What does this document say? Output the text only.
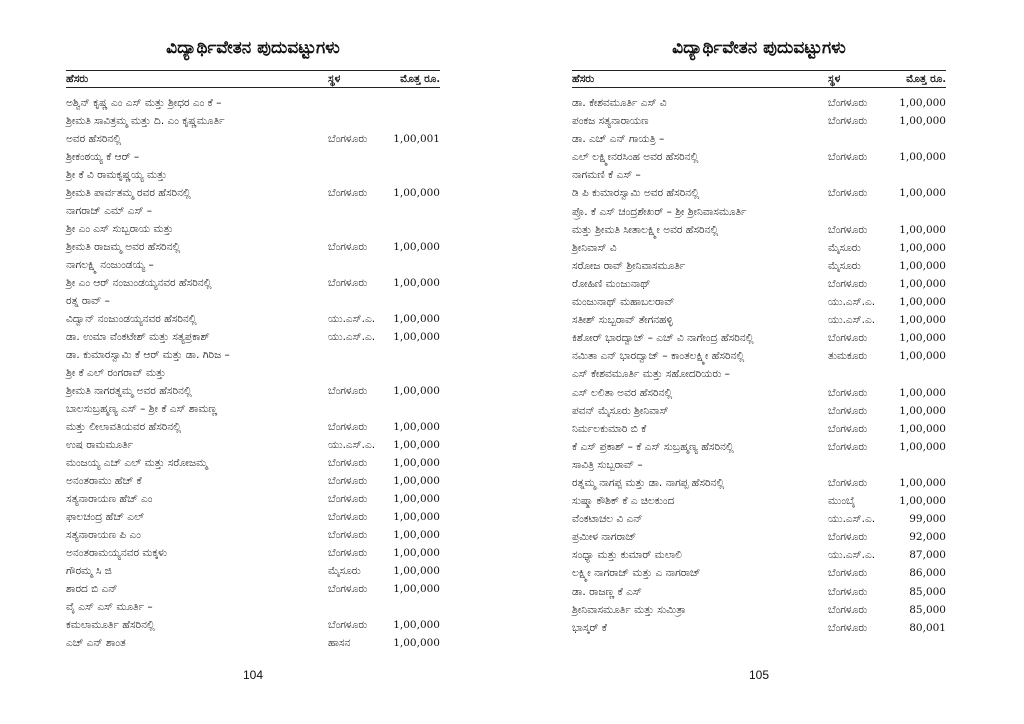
ವಿದ್ಯಾರ್ಥಿವೇತನ ಪುದುವಟ್ಟುಗಳು
ಹೆಸರು	ಸ್ಥಳ	ಮೊತ್ತ ರೂ.
ಅಶ್ವಿನ್ ಕೃಷ್ಣ ಎಂ ಎಸ್ ಮತ್ತು ಶ್ರೀಧರ ಎಂ ಕೆ –
ಶ್ರೀಮತಿ ಸಾವಿತ್ರಮ್ಮ ಮತ್ತು ದಿ. ಎಂ ಕೃಷ್ಣಮೂರ್ತಿ
ಅವರ ಹೆಸರಿನಲ್ಲಿ	ಬೆಂಗಳೂರು 1,00,001
ಶ್ರೀಕಂಠಯ್ಯ ಕೆ ಆರ್ –
ಶ್ರೀ ಕೆ ವಿ ರಾಮಕೃಷ್ಣಯ್ಯ ಮತ್ತು
ಶ್ರೀಮತಿ ಪಾರ್ವತಮ್ಮ ರವರ ಹೆಸರಿನಲ್ಲಿ	ಬೆಂಗಳೂರು 1,00,000
ನಾಗರಾಜ್ ಎಮ್ ಎಸ್ –
ಶ್ರೀ ಎಂ ಎಸ್ ಸುಬ್ಬರಾಯ ಮತ್ತು
ಶ್ರೀಮತಿ ರಾಜಮ್ಮ ಅವರ ಹೆಸರಿನಲ್ಲಿ	ಬೆಂಗಳೂರು 1,00,000
ನಾಗಲಕ್ಷ್ಮಿ ನಂಜುಂಡಯ್ಯ –
ಶ್ರೀ ಎಂ ಆರ್ ನಂಜುಂಡಯ್ಯನವರ ಹೆಸರಿನಲ್ಲಿ	ಬೆಂಗಳೂರು 1,00,000
ರತ್ನ ರಾವ್ –
ವಿದ್ವಾನ್ ನಂಜುಂಡಯ್ಯನವರ ಹೆಸರಿನಲ್ಲಿ	ಯು.ಎಸ್.ಎ. 1,00,000
ಡಾ. ಉಮಾ ವೆಂಕಟೇಶ್ ಮತ್ತು ಸತ್ಯಪ್ರಕಾಶ್	ಯು.ಎಸ್.ಎ. 1,00,000
ಡಾ. ಕುಮಾರಸ್ವಾಮಿ ಕೆ ಆರ್ ಮತ್ತು ಡಾ. ಗಿರಿಜ –
ಶ್ರೀ ಕೆ ಎಲ್ ರಂಗರಾವ್ ಮತ್ತು
ಶ್ರೀಮತಿ ನಾಗರತ್ನಮ್ಮ ಅವರ ಹೆಸರಿನಲ್ಲಿ	ಬೆಂಗಳೂರು 1,00,000
ಬಾಲಸುಬ್ರಹ್ಮಣ್ಯ ಎಸ್ – ಶ್ರೀ ಕೆ ಎಸ್ ಶಾಮಣ್ಣ
ಮತ್ತು ಲೀಲಾವತಿಯವರ ಹೆಸರಿನಲ್ಲಿ	ಬೆಂಗಳೂರು 1,00,000
ಉಷ ರಾಮಮೂರ್ತಿ	ಯು.ಎಸ್.ಎ. 1,00,000
ಮಂಜಯ್ಯ ಎಚ್ ಎಲ್ ಮತ್ತು ಸರೋಜಮ್ಮ	ಬೆಂಗಳೂರು 1,00,000
ಅನಂತರಾಮು ಹೆಚ್ ಕೆ	ಬೆಂಗಳೂರು 1,00,000
ಸತ್ಯನಾರಾಯಣ ಹೆಚ್ ಎಂ	ಬೆಂಗಳೂರು 1,00,000
ಫಾಲಚಂದ್ರ ಹೆಚ್ ಎಲ್	ಬೆಂಗಳೂರು 1,00,000
ಸತ್ಯನಾರಾಯಣ ಪಿ ಎಂ	ಬೆಂಗಳೂರು 1,00,000
ಅನಂತರಾಮಯ್ಯನವರ ಮಕ್ಕಳು	ಬೆಂಗಳೂರು 1,00,000
ಗೌರಮ್ಮ ಸಿ ಜಿ	ಮೈಸೂರು	1,00,000
ಶಾರದ ಬಿ ಎನ್	ಬೆಂಗಳೂರು 1,00,000
ವೈ ಎಸ್ ಎಸ್ ಮೂರ್ತಿ –
ಕಮಲಾಮೂರ್ತಿ ಹೆಸರಿನಲ್ಲಿ	ಬೆಂಗಳೂರು 1,00,000
ಎಚ್ ಎನ್ ಶಾಂತ	ಹಾಸನ	1,00,000
104
ವಿದ್ಯಾರ್ಥಿವೇತನ ಪುದುವಟ್ಟುಗಳು
ಹೆಸರು	ಸ್ಥಳ	ಮೊತ್ತ ರೂ.
ಡಾ. ಕೇಶವಮೂರ್ತಿ ಎಸ್ ವಿ	ಬೆಂಗಳೂರು	1,00,000
ಪಂಕಜ ಸತ್ಯನಾರಾಯಣ	ಬೆಂಗಳೂರು	1,00,000
ಡಾ. ಎಚ್ ಎನ್ ಗಾಯತ್ರಿ –
ಎಲ್ ಲಕ್ಷ್ಮೀನರಸಿಂಹ ಅವರ ಹೆಸರಿನಲ್ಲಿ	ಬೆಂಗಳೂರು	1,00,000
ನಾಗಮಣಿ ಕೆ ಎಸ್ –
ಡಿ ಪಿ ಕುಮಾರಸ್ವಾಮಿ ಅವರ ಹೆಸರಿನಲ್ಲಿ	ಬೆಂಗಳೂರು	1,00,000
ಪ್ರೊ. ಕೆ ಎಸ್ ಚಂದ್ರಶೇಖರ್ – ಶ್ರೀ ಶ್ರೀನಿವಾಸಮೂರ್ತಿ
ಮತ್ತು ಶ್ರೀಮತಿ ಸೀತಾಲಕ್ಷ್ಮೀ ಅವರ ಹೆಸರಿನಲ್ಲಿ	ಬೆಂಗಳೂರು	1,00,000
ಶ್ರೀನಿವಾಸ್ ವಿ	ಮೈಸೂರು	1,00,000
ಸರೋಜ ರಾವ್ ಶ್ರೀನಿವಾಸಮೂರ್ತಿ	ಮೈಸೂರು	1,00,000
ರೋಹಿಣಿ ಮಂಜುನಾಥ್	ಬೆಂಗಳೂರು	1,00,000
ಮಂಜುನಾಥ್ ಮಹಾಬಲರಾವ್	ಯು.ಎಸ್.ಎ. 1,00,000
ಸತೀಶ್ ಸುಬ್ಬರಾವ್ ತೇಗನಹಳ್ಳಿ	ಯು.ಎಸ್.ಎ. 1,00,000
ಕಿಶೋರ್ ಭಾರದ್ವಾಜ್ – ಎಚ್ ವಿ ನಾಗೇಂದ್ರ ಹೆಸರಿನಲ್ಲಿ	ಬೆಂಗಳೂರು	1,00,000
ನಮಿತಾ ಎನ್ ಭಾರದ್ವಾಜ್ – ಕಾಂತಲಕ್ಷ್ಮೀ ಹೆಸರಿನಲ್ಲಿ	ತುಮಕೂರು	1,00,000
ಎಸ್ ಕೇಶವಮೂರ್ತಿ ಮತ್ತು ಸಹೋದರಿಯರು –
ಎಸ್ ಲಲಿತಾ ಅವರ ಹೆಸರಿನಲ್ಲಿ	ಬೆಂಗಳೂರು	1,00,000
ಪವನ್ ಮೈಸೂರು ಶ್ರೀನಿವಾಸ್	ಬೆಂಗಳೂರು	1,00,000
ನಿರ್ಮಲಕುಮಾರಿ ಬಿ ಕೆ	ಬೆಂಗಳೂರು	1,00,000
ಕೆ ಎಸ್ ಪ್ರಕಾಶ್ – ಕೆ ಎಸ್ ಸುಬ್ರಹ್ಮಣ್ಯ ಹೆಸರಿನಲ್ಲಿ	ಬೆಂಗಳೂರು	1,00,000
ಸಾವಿತ್ರಿ ಸುಬ್ಬರಾವ್ –
ರತ್ನಮ್ಮ ನಾಗಪ್ಪ ಮತ್ತು ಡಾ. ನಾಗಪ್ಪ ಹೆಸರಿನಲ್ಲಿ	ಬೆಂಗಳೂರು	1,00,000
ಸುಷ್ಮಾ ಕೌಶಿಕ್ ಕೆ ಎ ಚಿಲಕುಂದ	ಮುಂಬೈ	1,00,000
ವೆಂಕಟಾಚಲ ವಿ ಎನ್	ಯು.ಎಸ್.ಎ.	99,000
ಪ್ರಮೀಳ ನಾಗರಾಜ್	ಬೆಂಗಳೂರು	92,000
ಸಂಧ್ಯಾ ಮತ್ತು ಕುಮಾರ್ ಮಲಾಲಿ	ಯು.ಎಸ್.ಎ.	87,000
ಲಕ್ಷ್ಮೀ ನಾಗರಾಜ್ ಮತ್ತು ಎ ನಾಗರಾಜ್	ಬೆಂಗಳೂರು	86,000
ಡಾ. ರಾಜಣ್ಣ ಕೆ ಎಸ್	ಬೆಂಗಳೂರು	85,000
ಶ್ರೀನಿವಾಸಮೂರ್ತಿ ಮತ್ತು ಸುಮಿತ್ರಾ	ಬೆಂಗಳೂರು	85,000
ಭಾಸ್ಕರ್ ಕೆ	ಬೆಂಗಳೂರು	80,001
105
